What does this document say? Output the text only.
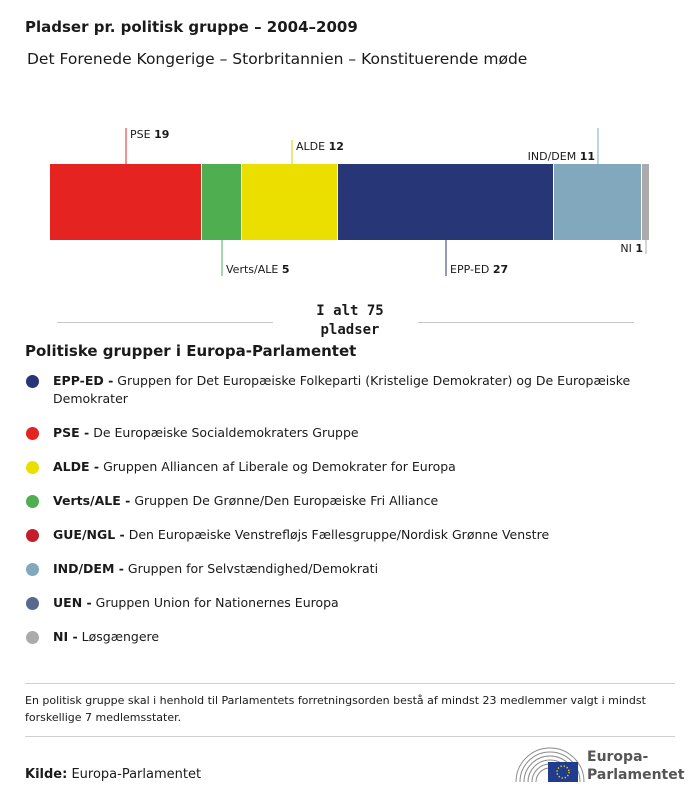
Pladser pr. politisk gruppe – 2004–2009
Det Forenede Kongerige – Storbritannien – Konstituerende møde
PSE 19
Verts/ALE 5
ALDE 12
EPP-ED 27
IND/DEM 11
NI 1
I alt 75
pladser
Politiske grupper i Europa-Parlamentet
EPP-ED - Gruppen for Det Europæiske Folkeparti (Kristelige Demokrater) og De Europæiske Demokrater
PSE - De Europæiske Socialdemokraters Gruppe
ALDE - Gruppen Alliancen af Liberale og Demokrater for Europa
Verts/ALE - Gruppen De Grønne/Den Europæiske Fri Alliance
GUE/NGL - Den Europæiske Venstrefløjs Fællesgruppe/Nordisk Grønne Venstre
IND/DEM - Gruppen for Selvstændighed/Demokrati
UEN - Gruppen Union for Nationernes Europa
NI - Løsgængere
En politisk gruppe skal i henhold til Parlamentets forretningsorden bestå af mindst 23 medlemmer valgt i mindst forskellige 7 medlemsstater.
Kilde: Europa-Parlamentet
Europa-
Parlamentet
